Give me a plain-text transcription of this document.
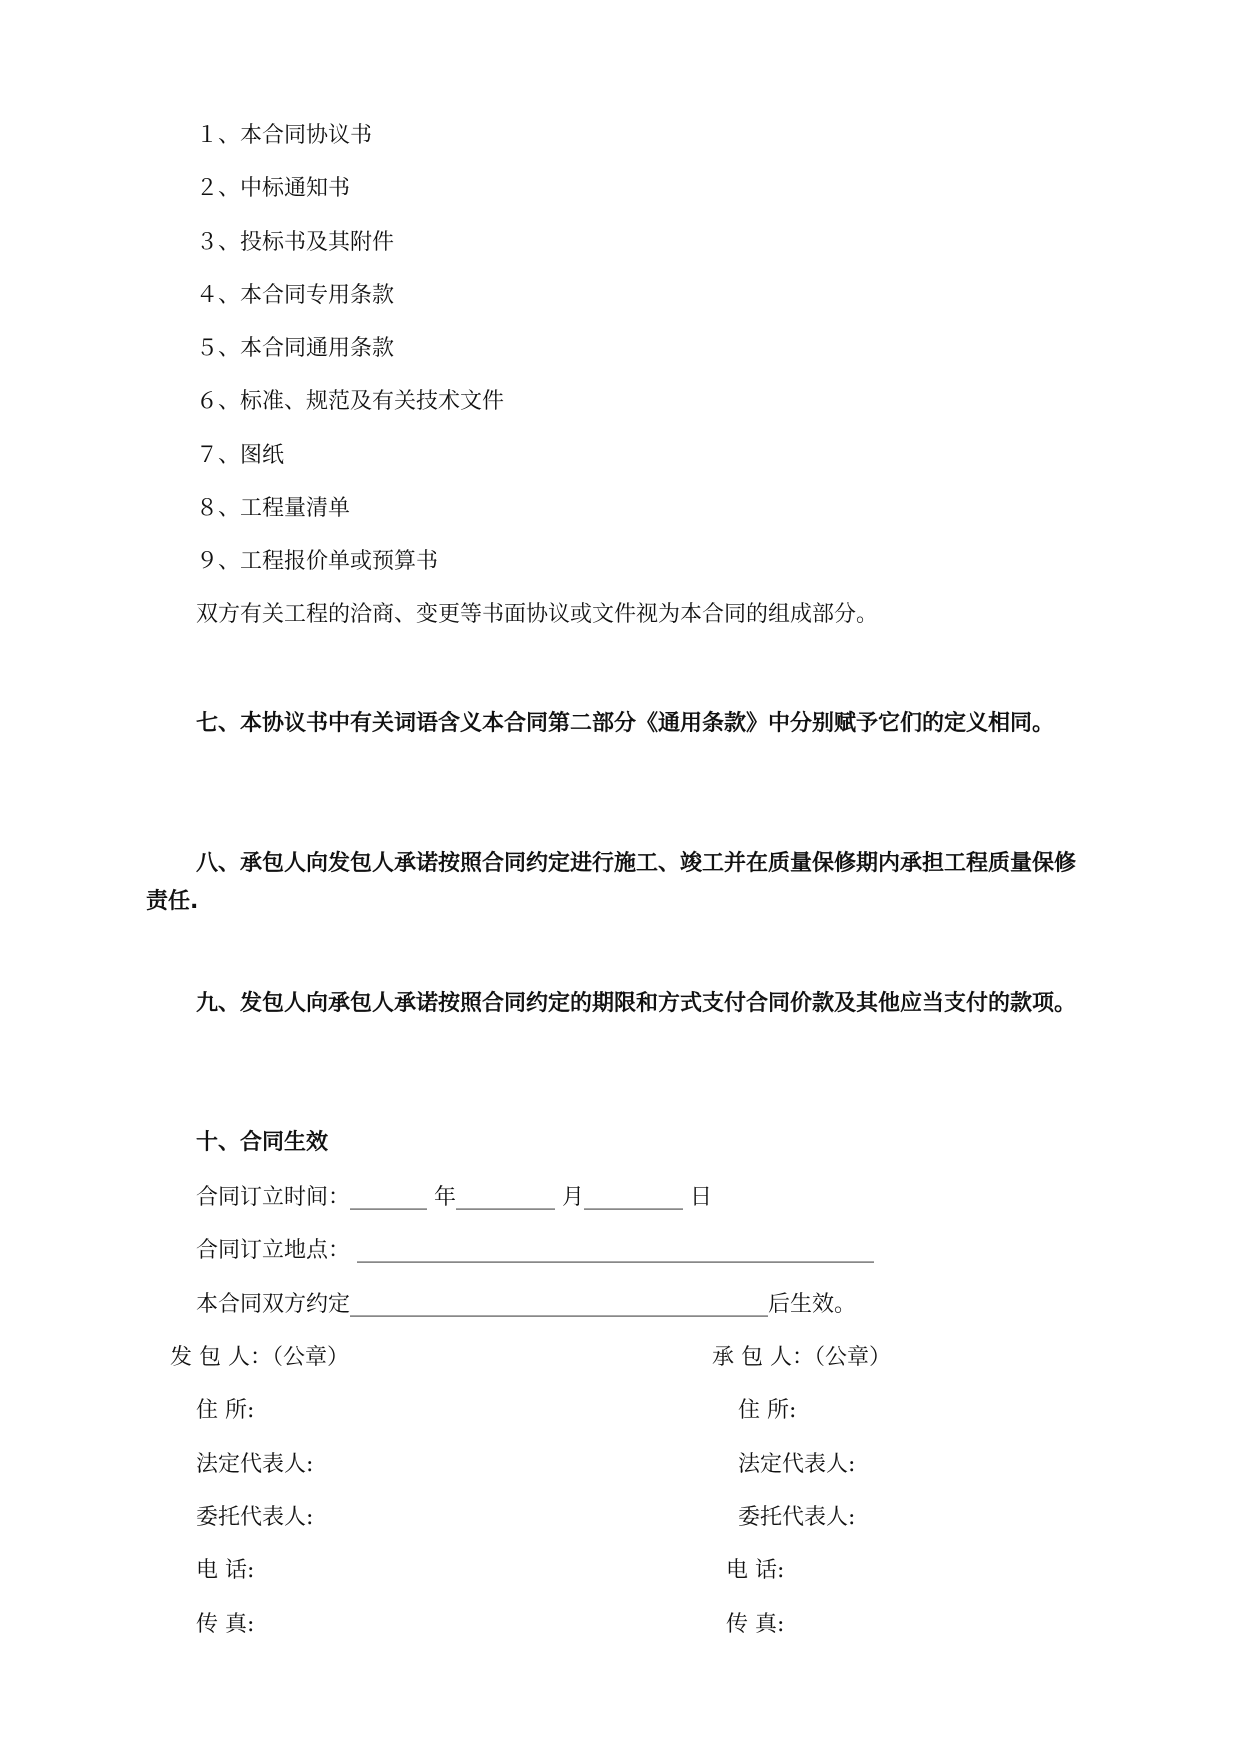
１、本合同协议书
２、中标通知书
３、投标书及其附件
４、本合同专用条款
５、本合同通用条款
６、标准、规范及有关技术文件
７、图纸
８、工程量清单
９、工程报价单或预算书
双方有关工程的洽商、变更等书面协议或文件视为本合同的组成部分。
七、本协议书中有关词语含义本合同第二部分《通用条款》中分别赋予它们的定义相同。
八、承包人向发包人承诺按照合同约定进行施工、竣工并在质量保修期内承担工程质量保修责任.
九、发包人向承包人承诺按照合同约定的期限和方式支付合同价款及其他应当支付的款项。
十、合同生效
合同订立时间：_______ 年_________ 月_________ 日
合同订立地点： _______________________________________________
本合同双方约定______________________________________后生效。
发 包 人：（公章）
住 所:
法定代表人:
委托代表人:
电 话:
传 真:
承 包 人：（公章）
住 所:
法定代表人:
委托代表人:
电 话:
传 真:
